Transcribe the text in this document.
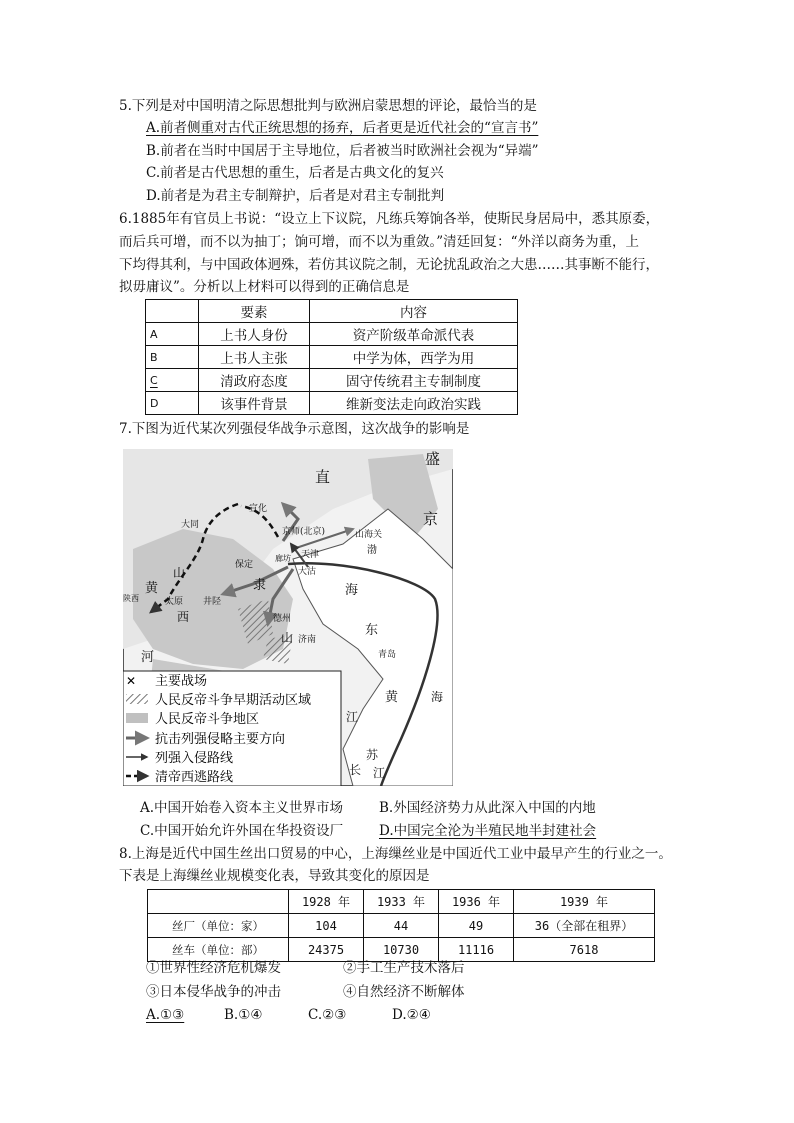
5.下列是对中国明清之际思想批判与欧洲启蒙思想的评论，最恰当的是
A.前者侧重对古代正统思想的扬弃，后者更是近代社会的“宣言书”
B.前者在当时中国居于主导地位，后者被当时欧洲社会视为“异端”
C.前者是古代思想的重生，后者是古典文化的复兴
D.前者是为君主专制辩护，后者是对君主专制批判
6.1885年有官员上书说：“设立上下议院，凡练兵筹饷各举，使斯民身居局中，悉其原委，
而后兵可增，而不以为抽丁；饷可增，而不以为重敛。”清廷回复：“外洋以商务为重，上
下均得其利，与中国政体迥殊，若仿其议院之制，无论扰乱政治之大患……其事断不能行，
拟毋庸议”。分析以上材料可以得到的正确信息是
	要素	内容
A	上书人身份	资产阶级革命派代表
B	上书人主张	中学为体，西学为用
C	清政府态度	固守传统君主专制制度
D	该事件背景	维新变法走向政治实践
7.下图为近代某次列强侵华战争示意图，这次战争的影响是
盛
直
京
宣化
大同
京师(北京)	山海关
渤
天津
廊坊
保定
大沽
山
黄	隶	海
太原 井陉
陕西
西	德州
河
济南
东
青岛
山
黄	海
江
苏
江
长
✕ 主要战场
人民反帝斗争早期活动区域
人民反帝斗争地区
抗击列强侵略主要方向
列强入侵路线
清帝西逃路线
A.中国开始卷入资本主义世界市场	B.外国经济势力从此深入中国的内地
C.中国开始允许外国在华投资设厂	D.中国完全沦为半殖民地半封建社会
8.上海是近代中国生丝出口贸易的中心，上海缫丝业是中国近代工业中最早产生的行业之一。
下表是上海缫丝业规模变化表，导致其变化的原因是
	1928 年	1933 年	1936 年	1939 年
丝厂（单位：家）	104	44	49	36（全部在租界）
丝车（单位：部）	24375	10730	11116	7618
①世界性经济危机爆发	②手工生产技术落后
③日本侵华战争的冲击	④自然经济不断解体
A.①③	B.①④	C.②③	D.②④
